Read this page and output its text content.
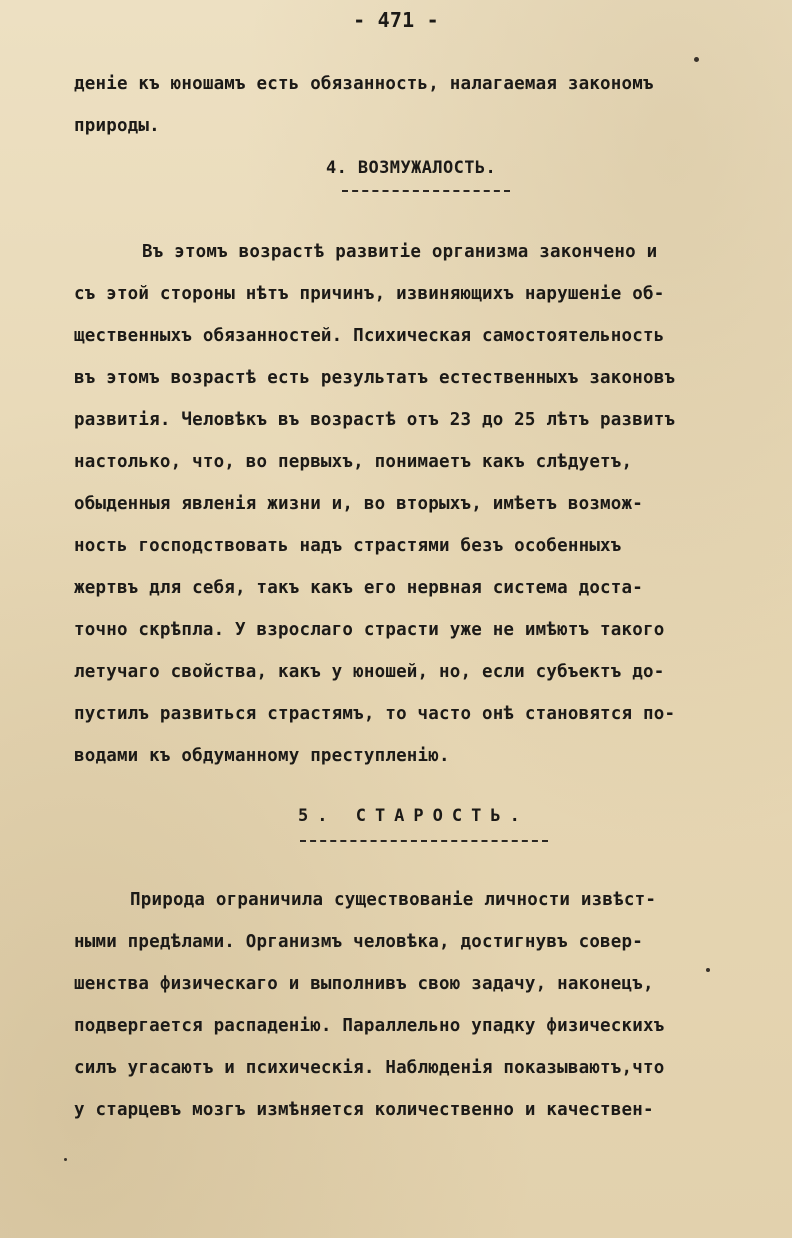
- 471 -
деніе къ юношамъ есть обязанность, налагаемая закономъ
природы.
4. ВОЗМУЖАЛОСТЬ.
Въ этомъ возрастѣ развитіе организма закончено и
съ этой стороны нѣтъ причинъ, извиняющихъ нарушеніе об-
щественныхъ обязанностей. Психическая самостоятельность
въ этомъ возрастѣ есть результатъ естественныхъ законовъ
развитія. Человѣкъ въ возрастѣ отъ 23 до 25 лѣтъ развитъ
настолько, что, во первыхъ, понимаетъ какъ слѣдуетъ,
обыденныя явленія жизни и, во вторыхъ, имѣетъ возмож-
ность господствовать надъ страстями безъ особенныхъ
жертвъ для себя, такъ какъ его нервная система доста-
точно скрѣпла. У взрослаго страсти уже не имѣютъ такого
летучаго свойства, какъ у юношей, но, если субъектъ до-
пустилъ развиться страстямъ, то часто онѣ становятся по-
водами къ обдуманному преступленію.
5. СТАРОСТЬ.
Природа ограничила существованіе личности извѣст-
ными предѣлами. Организмъ человѣка, достигнувъ совер-
шенства физическаго и выполнивъ свою задачу, наконецъ,
подвергается распаденію. Параллельно упадку физическихъ
силъ угасаютъ и психическія. Наблюденія показываютъ,что
у старцевъ мозгъ измѣняется количественно и качествен-
